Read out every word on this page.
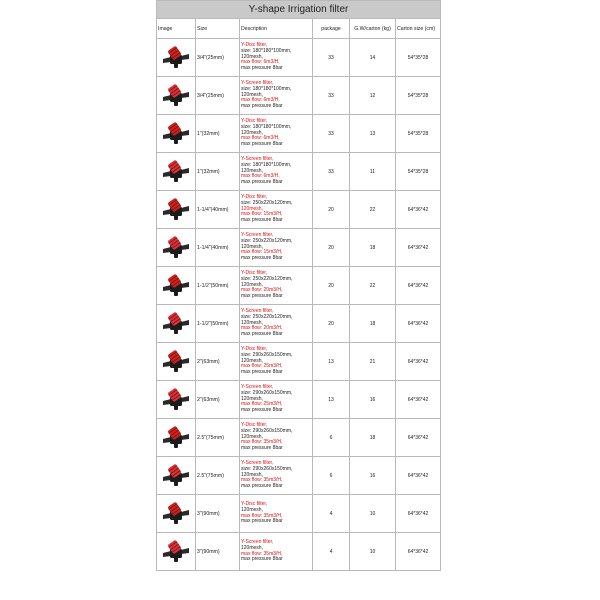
Y-shape Irrigation filter					
Image	Size	Description	package	G.W/carton (kg)	Carton size (cm)

	3/4"(25mm)	Y-Disc filter,
size: 180*180*100mm,
120mesh,
max flow: 6m3/H,
max pressure 8bar	33	14	54*35*28

	3/4"(25mm)	Y-Screen filter,
size: 180*180*100mm,
120mesh,
max flow: 6m3/H,
max pressure 8bar	33	12	54*35*28

	1"(32mm)	Y-Disc filter,
size: 180*180*100mm,
120mesh,
max flow: 6m3/H,
max pressure 8bar	33	13	54*35*28

	1"(32mm)	Y-Screen filter,
size: 180*180*100mm,
120mesh,
max flow: 6m3/H,
max pressure 8bar	33	11	54*35*28

	1-1/4"(40mm)	Y-Disc filter,
size: 250x220x120mm,
120mesh,
max flow: 15m3/H,
max pressure 8bar	20	22	64*36*42

	1-1/4"(40mm)	Y-Screen filter,
size: 250x220x120mm,
120mesh,
max flow: 15m3/H,
max pressure 8bar	20	18	64*36*42

	1-1/2"(50mm)	Y-Disc filter,
size: 250x220x120mm,
120mesh,
max flow: 20m3/H,
max pressure 8bar	20	22	64*36*42

	1-1/2"(50mm)	Y-Screen filter,
size: 250x220x120mm,
120mesh,
max flow: 20m3/H,
max pressure 8bar	20	18	64*36*42

	2"(63mm)	Y-Disc filter,
size: 290x260x150mm,
120mesh,
max flow: 25m3/H,
max pressure 8bar	13	21	64*36*42

	2"(63mm)	Y-Screen filter,
size: 290x260x150mm,
120mesh,
max flow: 25m3/H,
max pressure 8bar	13	16	64*36*42

	2.5"(75mm)	Y-Disc filter,
size: 290x260x150mm,
120mesh,
max flow: 35m3/H,
max pressure 8bar	6	18	64*36*42

	2.5"(75mm)	Y-Screen filter,
size: 290x260x150mm,
120mesh,
max flow: 35m3/H,
max pressure 8bar	6	16	64*36*42

	3"(90mm)	Y-Disc filter,
120mesh,
max flow: 35m3/H,
max pressure 8bar	4	10	64*36*42

	3"(90mm)	Y-Screen filter,
120mesh,
max flow: 35m3/H,
max pressure 8bar	4	10	64*36*42
